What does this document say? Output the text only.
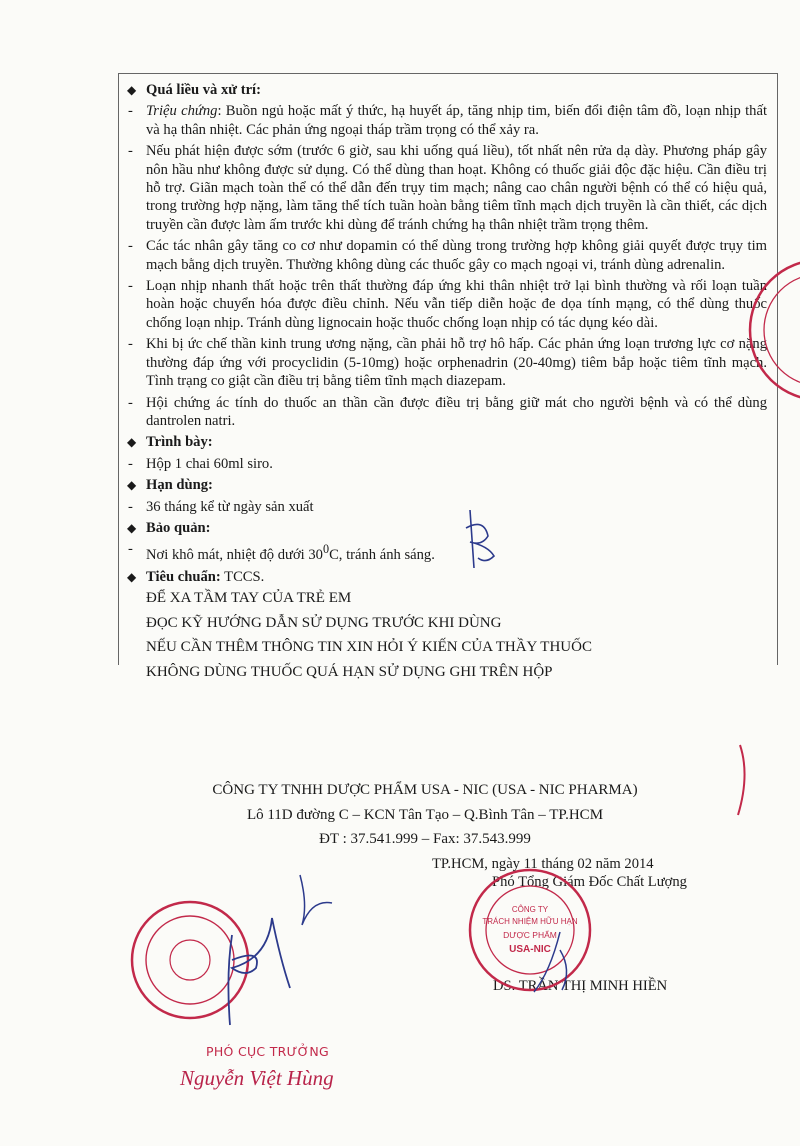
◆ Quá liều và xử trí:
- Triệu chứng: Buồn ngủ hoặc mất ý thức, hạ huyết áp, tăng nhịp tim, biến đổi điện tâm đồ, loạn nhịp thất và hạ thân nhiệt. Các phản ứng ngoại tháp trầm trọng có thể xảy ra.
- Nếu phát hiện được sớm (trước 6 giờ, sau khi uống quá liều), tốt nhất nên rửa dạ dày. Phương pháp gây nôn hầu như không được sử dụng. Có thể dùng than hoạt. Không có thuốc giải độc đặc hiệu. Cần điều trị hỗ trợ. Giãn mạch toàn thể có thể dẫn đến trụy tim mạch; nâng cao chân người bệnh có thể có hiệu quả, trong trường hợp nặng, làm tăng thể tích tuần hoàn bằng tiêm tĩnh mạch dịch truyền là cần thiết, các dịch truyền cần được làm ấm trước khi dùng để tránh chứng hạ thân nhiệt trầm trọng thêm.
- Các tác nhân gây tăng co cơ như dopamin có thể dùng trong trường hợp không giải quyết được trụy tim mạch bằng dịch truyền. Thường không dùng các thuốc gây co mạch ngoại vi, tránh dùng adrenalin.
- Loạn nhịp nhanh thất hoặc trên thất thường đáp ứng khi thân nhiệt trở lại bình thường và rối loạn tuần hoàn hoặc chuyển hóa được điều chỉnh. Nếu vẫn tiếp diễn hoặc đe dọa tính mạng, có thể dùng thuốc chống loạn nhịp. Tránh dùng lignocain hoặc thuốc chống loạn nhịp có tác dụng kéo dài.
- Khi bị ức chế thần kinh trung ương nặng, cần phải hỗ trợ hô hấp. Các phản ứng loạn trương lực cơ nặng thường đáp ứng với procyclidin (5-10mg) hoặc orphenadrin (20-40mg) tiêm bắp hoặc tiêm tĩnh mạch. Tình trạng co giật cần điều trị bằng tiêm tĩnh mạch diazepam.
- Hội chứng ác tính do thuốc an thần cần được điều trị bằng giữ mát cho người bệnh và có thể dùng dantrolen natri.
◆ Trình bày:
- Hộp 1 chai 60ml siro.
◆ Hạn dùng:
- 36 tháng kể từ ngày sản xuất
◆ Bảo quản:
- Nơi khô mát, nhiệt độ dưới $30^0C$, tránh ánh sáng.
◆ Tiêu chuẩn: TCCS.
ĐỂ XA TẦM TAY CỦA TRẺ EM
ĐỌC KỸ HƯỚNG DẪN SỬ DỤNG TRƯỚC KHI DÙNG
NẾU CẦN THÊM THÔNG TIN XIN HỎI Ý KIẾN CỦA THẦY THUỐC
KHÔNG DÙNG THUỐC QUÁ HẠN SỬ DỤNG GHI TRÊN HỘP
CÔNG TY TNHH DƯỢC PHẨM USA - NIC (USA - NIC PHARMA)
Lô 11D đường C – KCN Tân Tạo – Q.Bình Tân – TP.HCM
ĐT : 37.541.999 – Fax: 37.543.999
TP.HCM, ngày 11 tháng 02 năm 2014
Phó Tổng Giám Đốc Chất Lượng
DS. TRẦN THỊ MINH HIỀN
CÔNG TY
TRÁCH NHIỆM HỮU HẠN
DƯỢC PHẨM
USA-NIC
PHÓ CỤC TRƯỞNG
Nguyễn Việt Hùng
